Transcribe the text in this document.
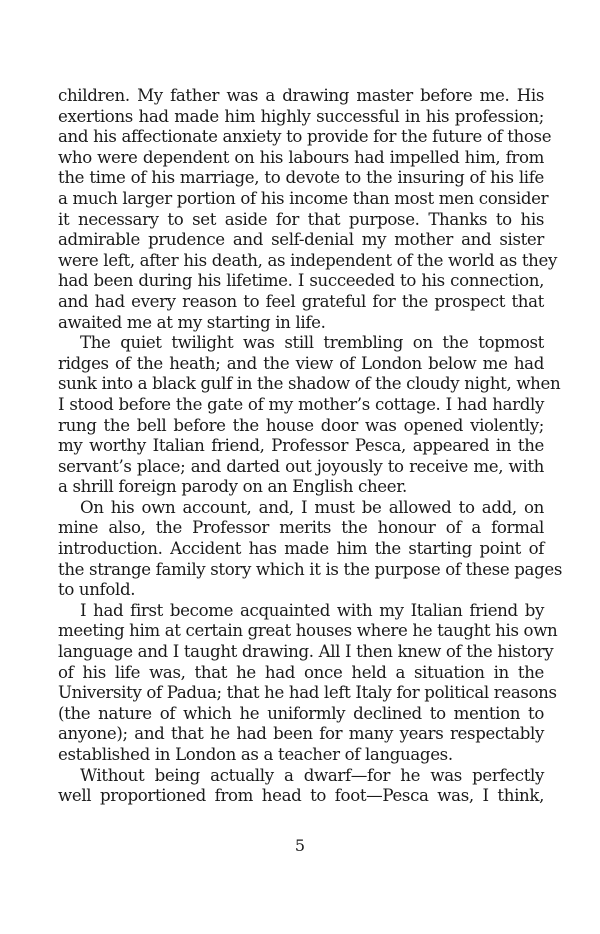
children. My father was a drawing master before me. His
exertions had made him highly successful in his profession;
and his affectionate anxiety to provide for the future of those
who were dependent on his labours had impelled him, from
the time of his marriage, to devote to the insuring of his life
a much larger portion of his income than most men consider
it necessary to set aside for that purpose. Thanks to his
admirable prudence and self-denial my mother and sister
were left, after his death, as independent of the world as they
had been during his lifetime. I succeeded to his connection,
and had every reason to feel grateful for the prospect that
awaited me at my starting in life.
The quiet twilight was still trembling on the topmost
ridges of the heath; and the view of London below me had
sunk into a black gulf in the shadow of the cloudy night, when
I stood before the gate of my mother’s cottage. I had hardly
rung the bell before the house door was opened violently;
my worthy Italian friend, Professor Pesca, appeared in the
servant’s place; and darted out joyously to receive me, with
a shrill foreign parody on an English cheer.
On his own account, and, I must be allowed to add, on
mine also, the Professor merits the honour of a formal
introduction. Accident has made him the starting point of
the strange family story which it is the purpose of these pages
to unfold.
I had first become acquainted with my Italian friend by
meeting him at certain great houses where he taught his own
language and I taught drawing. All I then knew of the history
of his life was, that he had once held a situation in the
University of Padua; that he had left Italy for political reasons
(the nature of which he uniformly declined to mention to
anyone); and that he had been for many years respectably
established in London as a teacher of languages.
Without being actually a dwarf—for he was perfectly
well proportioned from head to foot—Pesca was, I think,
5
